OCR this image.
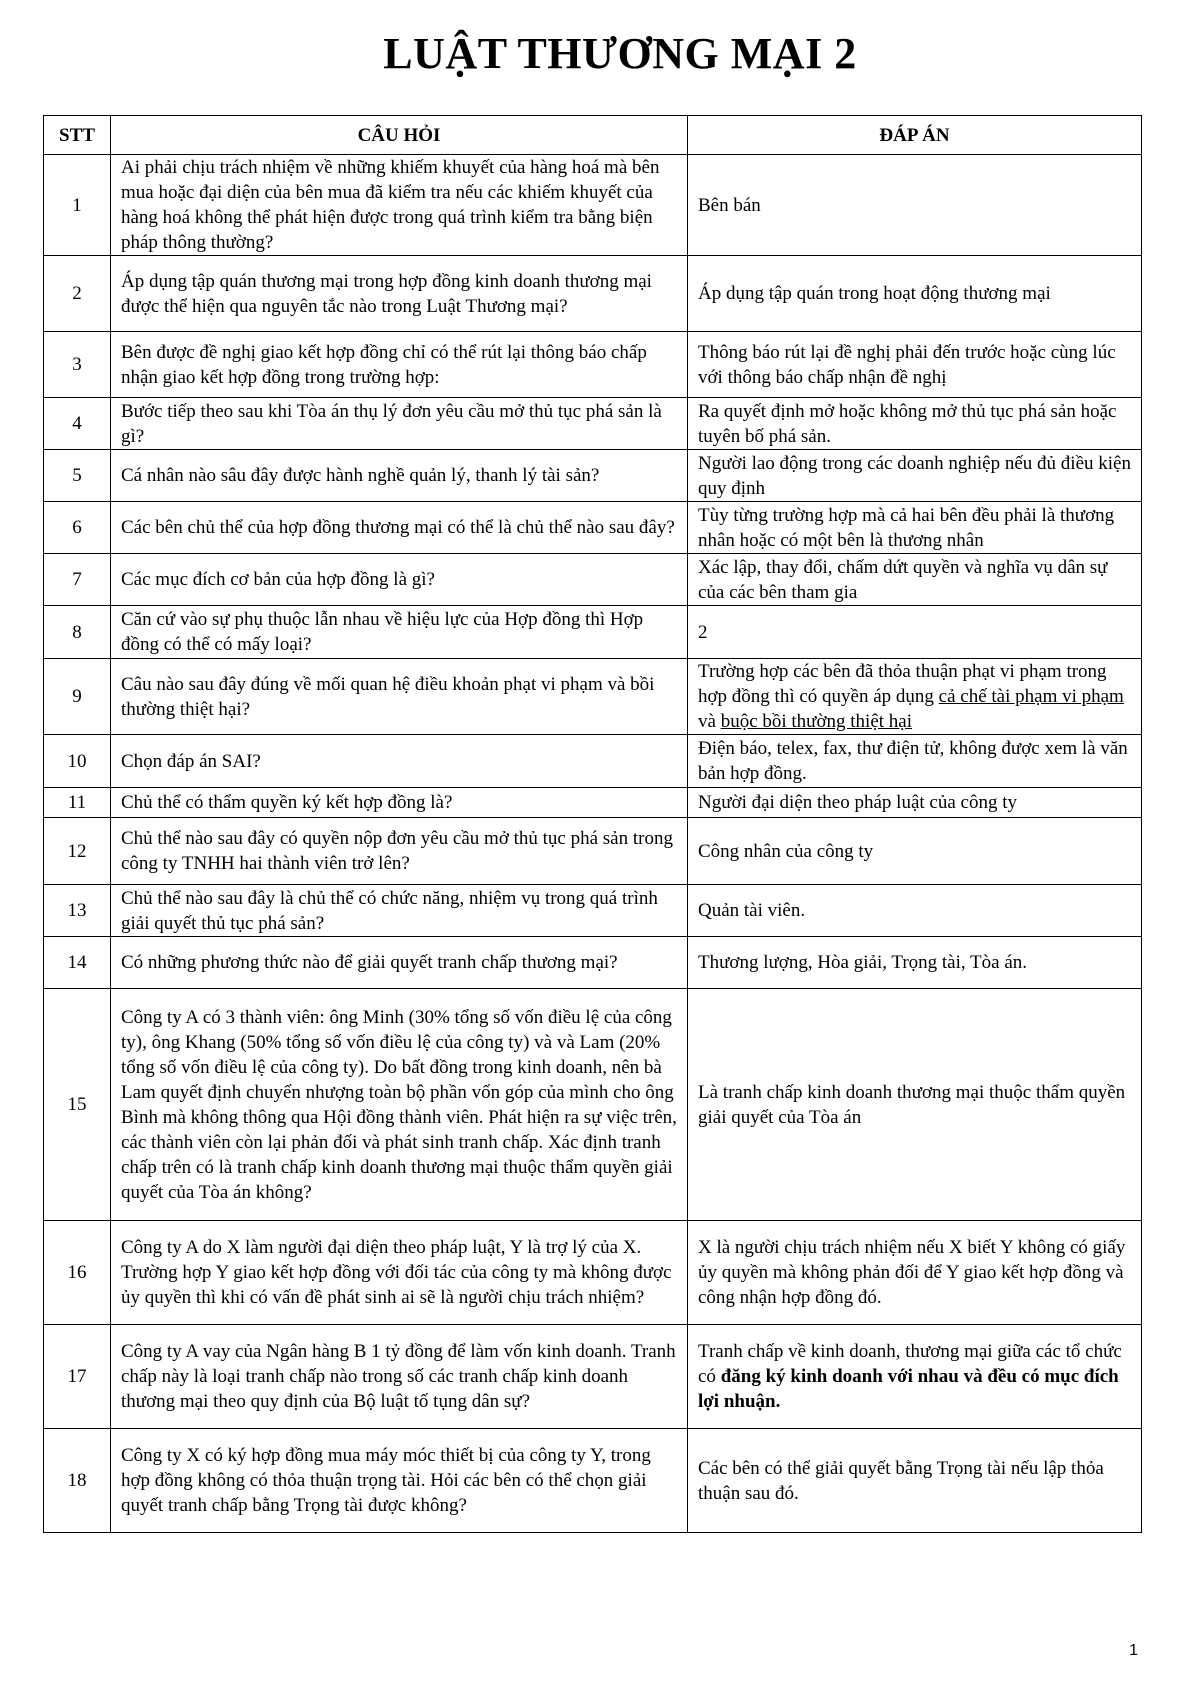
LUẬT THƯƠNG MẠI 2
STT	CÂU HỎI	ĐÁP ÁN
1	Ai phải chịu trách nhiệm về những khiếm khuyết của hàng hoá mà bên mua hoặc đại diện của bên mua đã kiểm tra nếu các khiếm khuyết của hàng hoá không thể phát hiện được trong quá trình kiểm tra bằng biện pháp thông thường?	Bên bán
2	Áp dụng tập quán thương mại trong hợp đồng kinh doanh thương mại được thể hiện qua nguyên tắc nào trong Luật Thương mại?	Áp dụng tập quán trong hoạt động thương mại
3	Bên được đề nghị giao kết hợp đồng chỉ có thể rút lại thông báo chấp nhận giao kết hợp đồng trong trường hợp:	Thông báo rút lại đề nghị phải đến trước hoặc cùng lúc với thông báo chấp nhận đề nghị
4	Bước tiếp theo sau khi Tòa án thụ lý đơn yêu cầu mở thủ tục phá sản là gì?	Ra quyết định mở hoặc không mở thủ tục phá sản hoặc tuyên bố phá sản.
5	Cá nhân nào sâu đây được hành nghề quản lý, thanh lý tài sản?	Người lao động trong các doanh nghiệp nếu đủ điều kiện quy định
6	Các bên chủ thể của hợp đồng thương mại có thể là chủ thể nào sau đây?	Tùy từng trường hợp mà cả hai bên đều phải là thương nhân hoặc có một bên là thương nhân
7	Các mục đích cơ bản của hợp đồng là gì?	Xác lập, thay đổi, chấm dứt quyền và nghĩa vụ dân sự của các bên tham gia
8	Căn cứ vào sự phụ thuộc lẫn nhau về hiệu lực của Hợp đồng thì Hợp đồng có thể có mấy loại?	2
9	Câu nào sau đây đúng về mối quan hệ điều khoản phạt vi phạm và bồi thường thiệt hại?	Trường hợp các bên đã thỏa thuận phạt vi phạm trong hợp đồng thì có quyền áp dụng cả chế tài phạm vi phạm và buộc bồi thường thiệt hại
10	Chọn đáp án SAI?	Điện báo, telex, fax, thư điện tử, không được xem là văn bản hợp đồng.
11	Chủ thể có thẩm quyền ký kết hợp đồng là?	Người đại diện theo pháp luật của công ty
12	Chủ thể nào sau đây có quyền nộp đơn yêu cầu mở thủ tục phá sản trong công ty TNHH hai thành viên trở lên?	Công nhân của công ty
13	Chủ thể nào sau đây là chủ thể có chức năng, nhiệm vụ trong quá trình giải quyết thủ tục phá sản?	Quản tài viên.
14	Có những phương thức nào để giải quyết tranh chấp thương mại?	Thương lượng, Hòa giải, Trọng tài, Tòa án.
15	Công ty A có 3 thành viên: ông Minh (30% tổng số vốn điều lệ của công ty), ông Khang (50% tổng số vốn điều lệ của công ty) và và Lam (20% tổng số vốn điều lệ của công ty). Do bất đồng trong kinh doanh, nên bà Lam quyết định chuyển nhượng toàn bộ phần vốn góp của mình cho ông Bình mà không thông qua Hội đồng thành viên. Phát hiện ra sự việc trên, các thành viên còn lại phản đối và phát sinh tranh chấp. Xác định tranh chấp trên có là tranh chấp kinh doanh thương mại thuộc thẩm quyền giải quyết của Tòa án không?	Là tranh chấp kinh doanh thương mại thuộc thẩm quyền giải quyết của Tòa án
16	Công ty A do X làm người đại diện theo pháp luật, Y là trợ lý của X. Trường hợp Y giao kết hợp đồng với đối tác của công ty mà không được ủy quyền thì khi có vấn đề phát sinh ai sẽ là người chịu trách nhiệm?	X là người chịu trách nhiệm nếu X biết Y không có giấy ủy quyền mà không phản đối để Y giao kết hợp đồng và công nhận hợp đồng đó.
17	Công ty A vay của Ngân hàng B 1 tỷ đồng để làm vốn kinh doanh. Tranh chấp này là loại tranh chấp nào trong số các tranh chấp kinh doanh thương mại theo quy định của Bộ luật tố tụng dân sự?	Tranh chấp về kinh doanh, thương mại giữa các tổ chức có đăng ký kinh doanh với nhau và đều có mục đích lợi nhuận.
18	Công ty X có ký hợp đồng mua máy móc thiết bị của công ty Y, trong hợp đồng không có thỏa thuận trọng tài. Hỏi các bên có thể chọn giải quyết tranh chấp bằng Trọng tài được không?	Các bên có thể giải quyết bằng Trọng tài nếu lập thỏa thuận sau đó.
1
